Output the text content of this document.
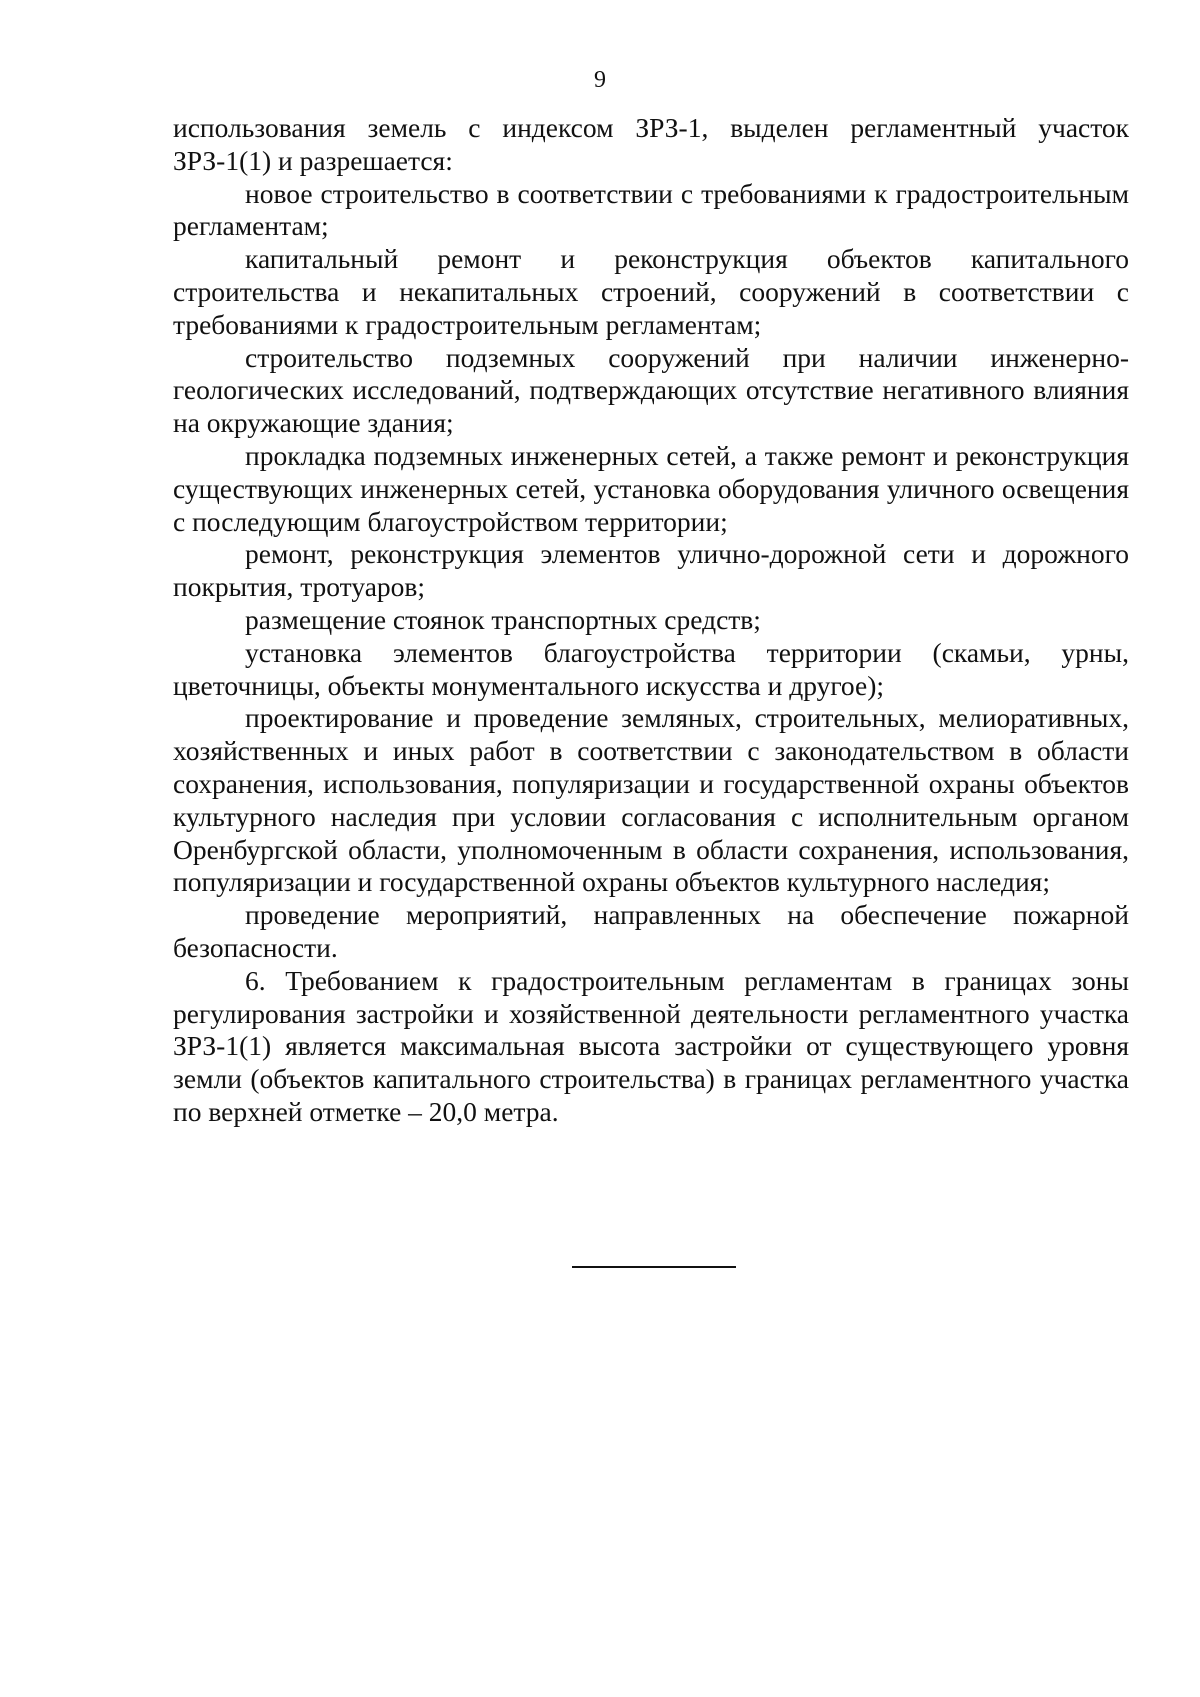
9

использования земель с индексом ЗРЗ-1, выделен регламентный участок ЗРЗ-1(1) и разрешается:

новое строительство в соответствии с требованиями к градостроительным регламентам;

капитальный ремонт и реконструкция объектов капитального строительства и некапитальных строений, сооружений в соответствии с требованиями к градостроительным регламентам;

строительство подземных сооружений при наличии инженерно-геологических исследований, подтверждающих отсутствие негативного влияния на окружающие здания;

прокладка подземных инженерных сетей, а также ремонт и реконструкция существующих инженерных сетей, установка оборудования уличного освещения с последующим благоустройством территории;

ремонт, реконструкция элементов улично-дорожной сети и дорожного покрытия, тротуаров;

размещение стоянок транспортных средств;

установка элементов благоустройства территории (скамьи, урны, цветочницы, объекты монументального искусства и другое);

проектирование и проведение земляных, строительных, мелиоративных, хозяйственных и иных работ в соответствии с законодательством в области сохранения, использования, популяризации и государственной охраны объектов культурного наследия при условии согласования с исполнительным органом Оренбургской области, уполномоченным в области сохранения, использования, популяризации и государственной охраны объектов культурного наследия;

проведение мероприятий, направленных на обеспечение пожарной безопасности.

6. Требованием к градостроительным регламентам в границах зоны регулирования застройки и хозяйственной деятельности регламентного участка ЗРЗ-1(1) является максимальная высота застройки от существующего уровня земли (объектов капитального строительства) в границах регламентного участка по верхней отметке – 20,0 метра.
